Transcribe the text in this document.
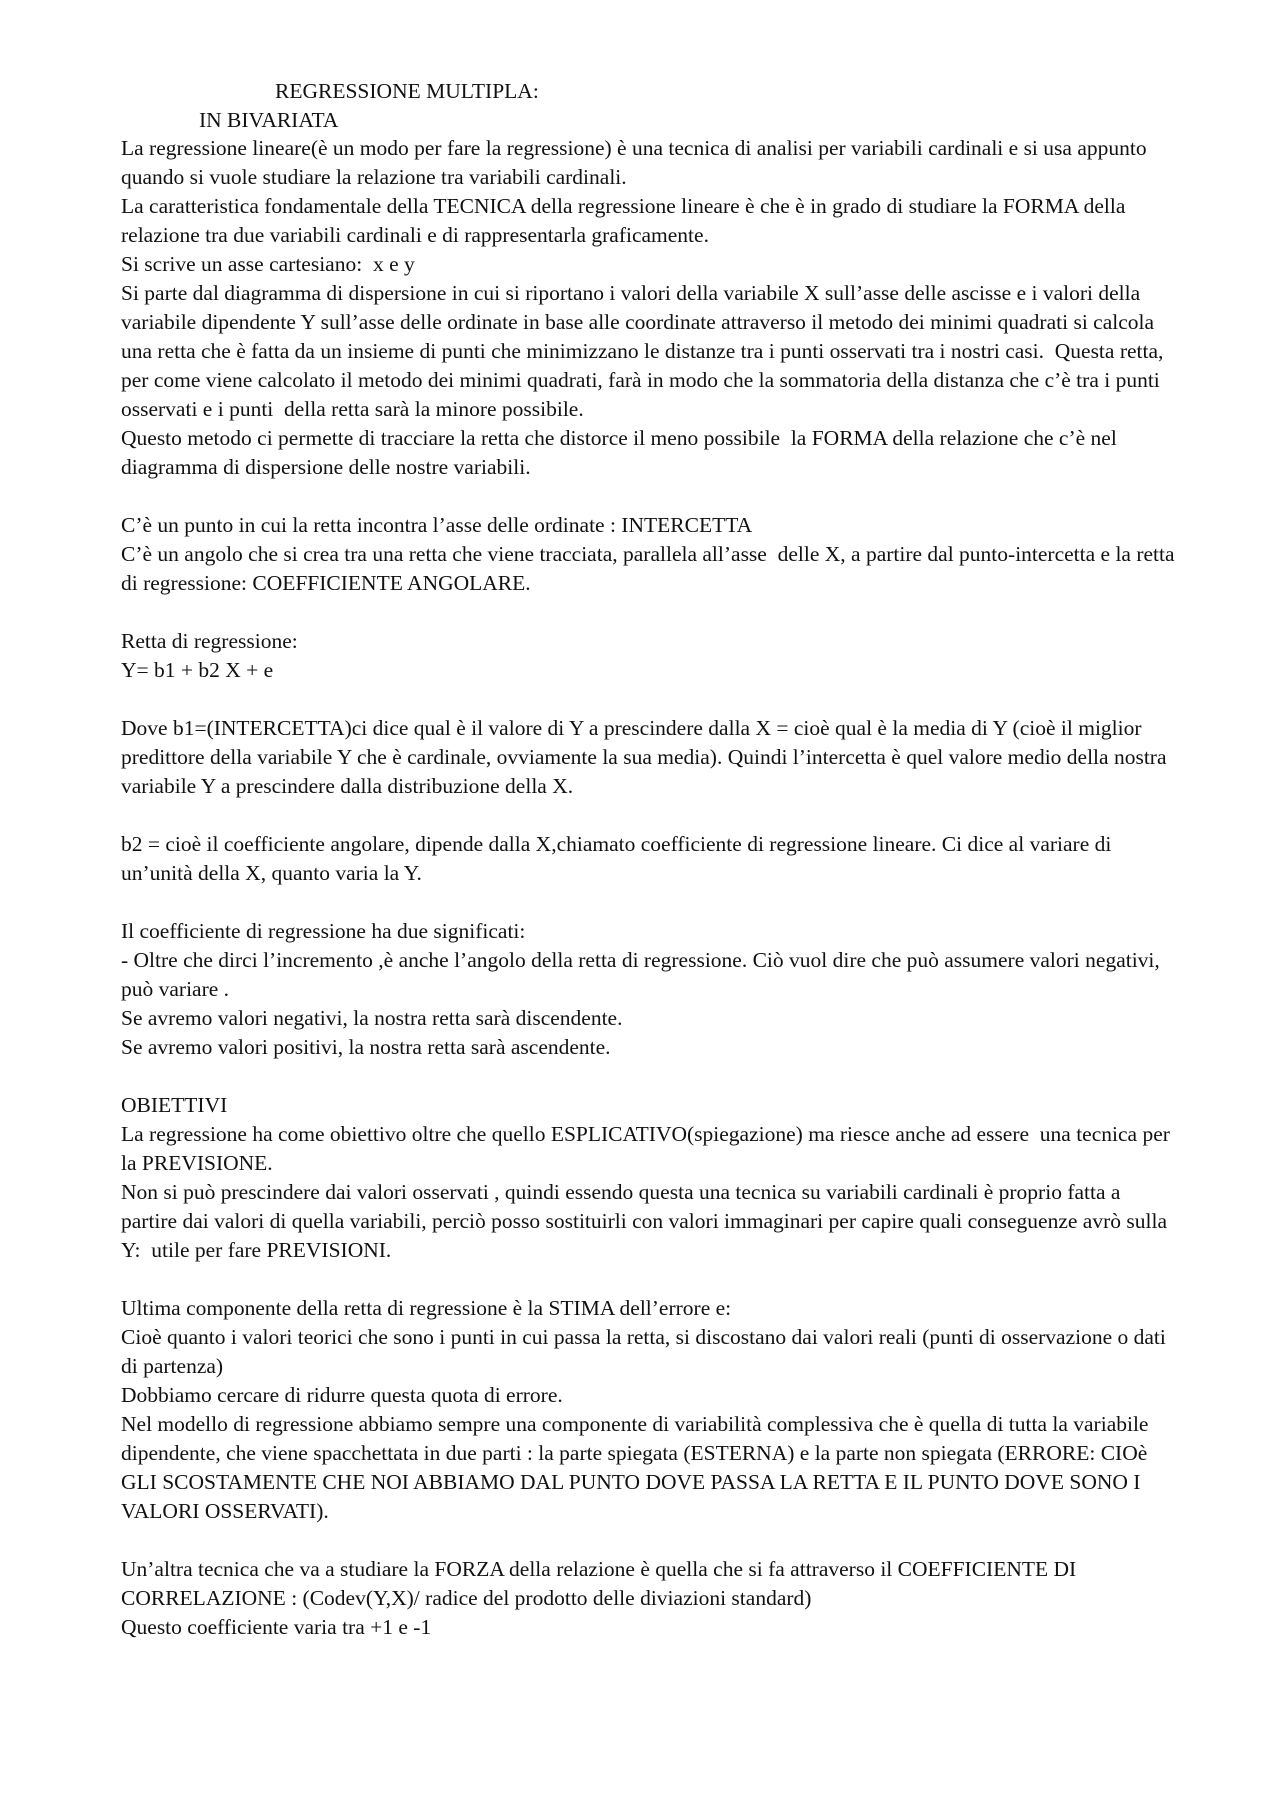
REGRESSIONE MULTIPLA:
IN BIVARIATA
La regressione lineare(è un modo per fare la regressione) è una tecnica di analisi per variabili cardinali e si usa appunto quando si vuole studiare la relazione tra variabili cardinali.
La caratteristica fondamentale della TECNICA della regressione lineare è che è in grado di studiare la FORMA della relazione tra due variabili cardinali e di rappresentarla graficamente.
Si scrive un asse cartesiano:  x e y
Si parte dal diagramma di dispersione in cui si riportano i valori della variabile X sull’asse delle ascisse e i valori della variabile dipendente Y sull’asse delle ordinate in base alle coordinate attraverso il metodo dei minimi quadrati si calcola una retta che è fatta da un insieme di punti che minimizzano le distanze tra i punti osservati tra i nostri casi.  Questa retta, per come viene calcolato il metodo dei minimi quadrati, farà in modo che la sommatoria della distanza che c’è tra i punti osservati e i punti  della retta sarà la minore possibile.
Questo metodo ci permette di tracciare la retta che distorce il meno possibile  la FORMA della relazione che c’è nel diagramma di dispersione delle nostre variabili.
C’è un punto in cui la retta incontra l’asse delle ordinate : INTERCETTA
C’è un angolo che si crea tra una retta che viene tracciata, parallela all’asse  delle X, a partire dal punto-intercetta e la retta di regressione: COEFFICIENTE ANGOLARE.
Retta di regressione:
Y= b1 + b2 X + e
Dove b1=(INTERCETTA)ci dice qual è il valore di Y a prescindere dalla X = cioè qual è la media di Y (cioè il miglior predittore della variabile Y che è cardinale, ovviamente la sua media). Quindi l’intercetta è quel valore medio della nostra variabile Y a prescindere dalla distribuzione della X.
b2 = cioè il coefficiente angolare, dipende dalla X,chiamato coefficiente di regressione lineare. Ci dice al variare di un’unità della X, quanto varia la Y.
Il coefficiente di regressione ha due significati:
- Oltre che dirci l’incremento ,è anche l’angolo della retta di regressione. Ciò vuol dire che può assumere valori negativi, può variare .
Se avremo valori negativi, la nostra retta sarà discendente.
Se avremo valori positivi, la nostra retta sarà ascendente.
OBIETTIVI
La regressione ha come obiettivo oltre che quello ESPLICATIVO(spiegazione) ma riesce anche ad essere  una tecnica per la PREVISIONE.
Non si può prescindere dai valori osservati , quindi essendo questa una tecnica su variabili cardinali è proprio fatta a partire dai valori di quella variabili, perciò posso sostituirli con valori immaginari per capire quali conseguenze avrò sulla Y:  utile per fare PREVISIONI.
Ultima componente della retta di regressione è la STIMA dell’errore e:
Cioè quanto i valori teorici che sono i punti in cui passa la retta, si discostano dai valori reali (punti di osservazione o dati di partenza)
Dobbiamo cercare di ridurre questa quota di errore.
Nel modello di regressione abbiamo sempre una componente di variabilità complessiva che è quella di tutta la variabile dipendente, che viene spacchettata in due parti : la parte spiegata (ESTERNA) e la parte non spiegata (ERRORE: CIOè GLI SCOSTAMENTE CHE NOI ABBIAMO DAL PUNTO DOVE PASSA LA RETTA E IL PUNTO DOVE SONO I VALORI OSSERVATI).
Un’altra tecnica che va a studiare la FORZA della relazione è quella che si fa attraverso il COEFFICIENTE DI CORRELAZIONE : (Codev(Y,X)/ radice del prodotto delle diviazioni standard)
Questo coefficiente varia tra +1 e -1
